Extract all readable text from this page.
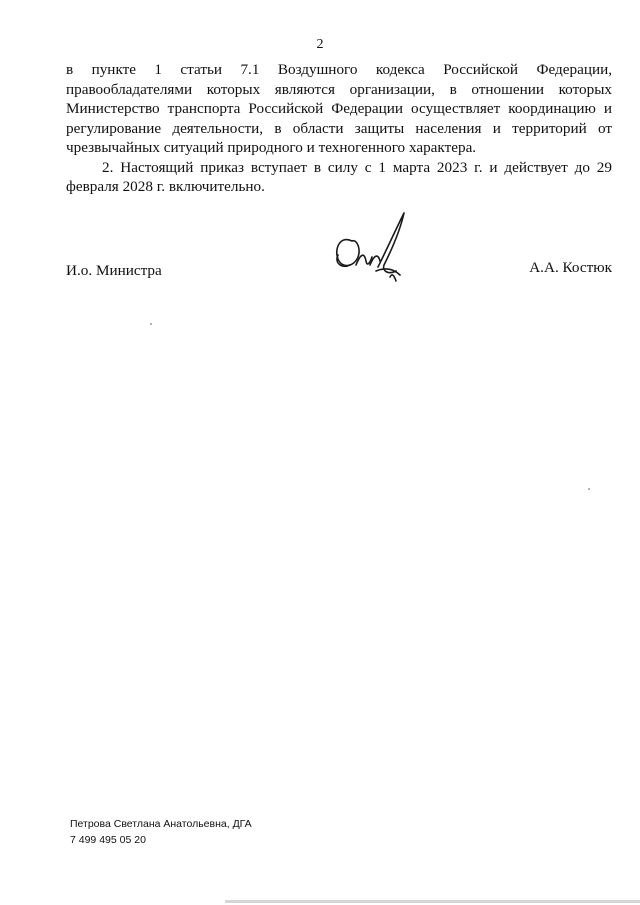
2

в пункте 1 статьи 7.1 Воздушного кодекса Российской Федерации, правообладателями которых являются организации, в отношении которых Министерство транспорта Российской Федерации осуществляет координацию и регулирование деятельности, в области защиты населения и территорий от чрезвычайных ситуаций природного и техногенного характера.

2. Настоящий приказ вступает в силу с 1 марта 2023 г. и действует до 29 февраля 2028 г. включительно.

И.о. Министра	А.А. Костюк
Петрова Светлана Анатольевна, ДГА
7 499 495 05 20
